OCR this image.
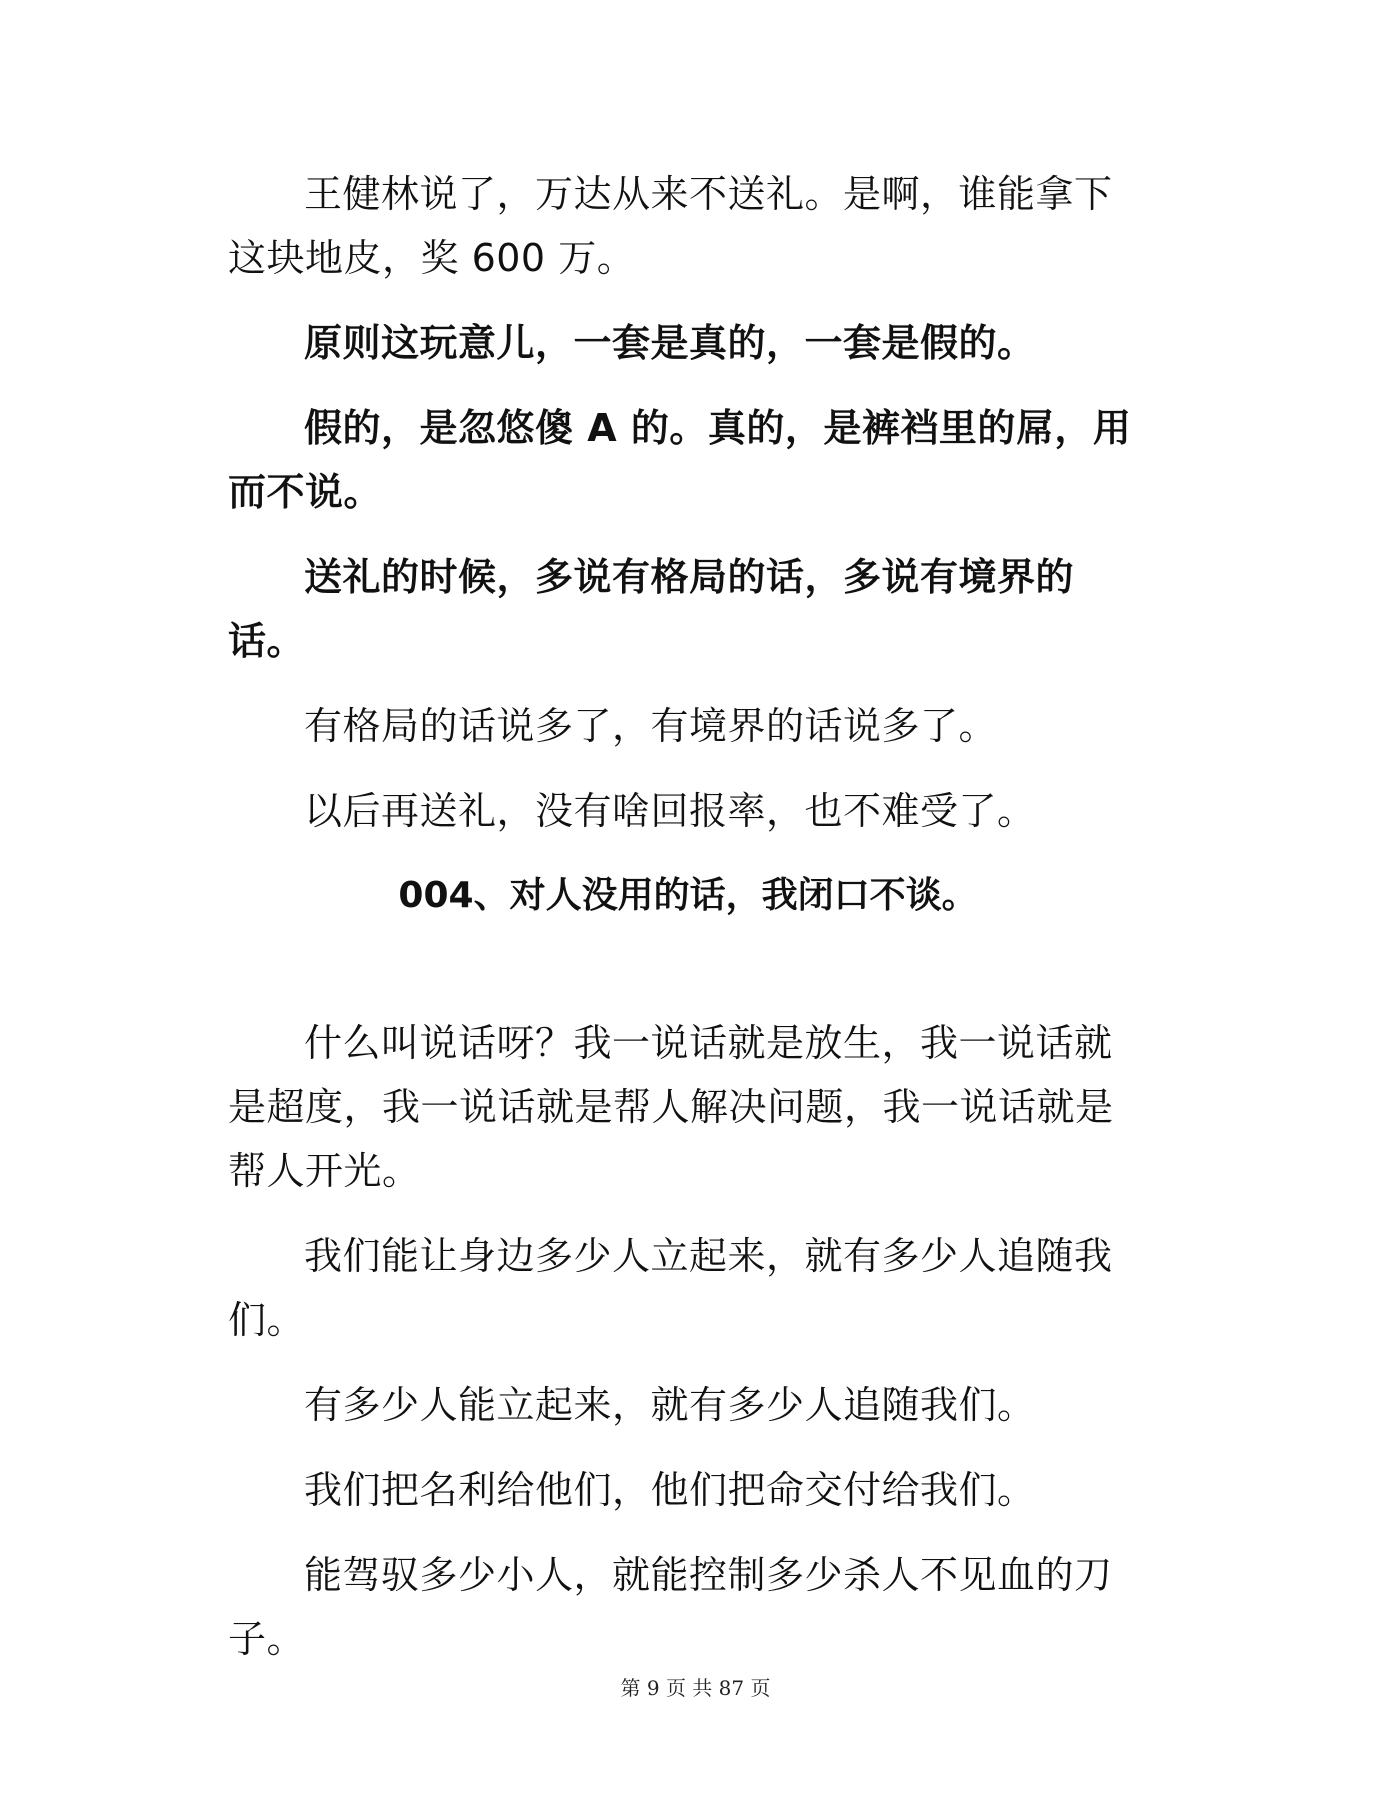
王健林说了，万达从来不送礼。是啊，谁能拿下这块地皮，奖 600 万。

原则这玩意儿，一套是真的，一套是假的。

假的，是忽悠傻 A 的。真的，是裤裆里的屌，用而不说。

送礼的时候，多说有格局的话，多说有境界的话。

有格局的话说多了，有境界的话说多了。

以后再送礼，没有啥回报率，也不难受了。

004、对人没用的话，我闭口不谈。

什么叫说话呀？我一说话就是放生，我一说话就是超度，我一说话就是帮人解决问题，我一说话就是帮人开光。

我们能让身边多少人立起来，就有多少人追随我们。

有多少人能立起来，就有多少人追随我们。

我们把名利给他们，他们把命交付给我们。

能驾驭多少小人，就能控制多少杀人不见血的刀子。

第 9 页 共 87 页
